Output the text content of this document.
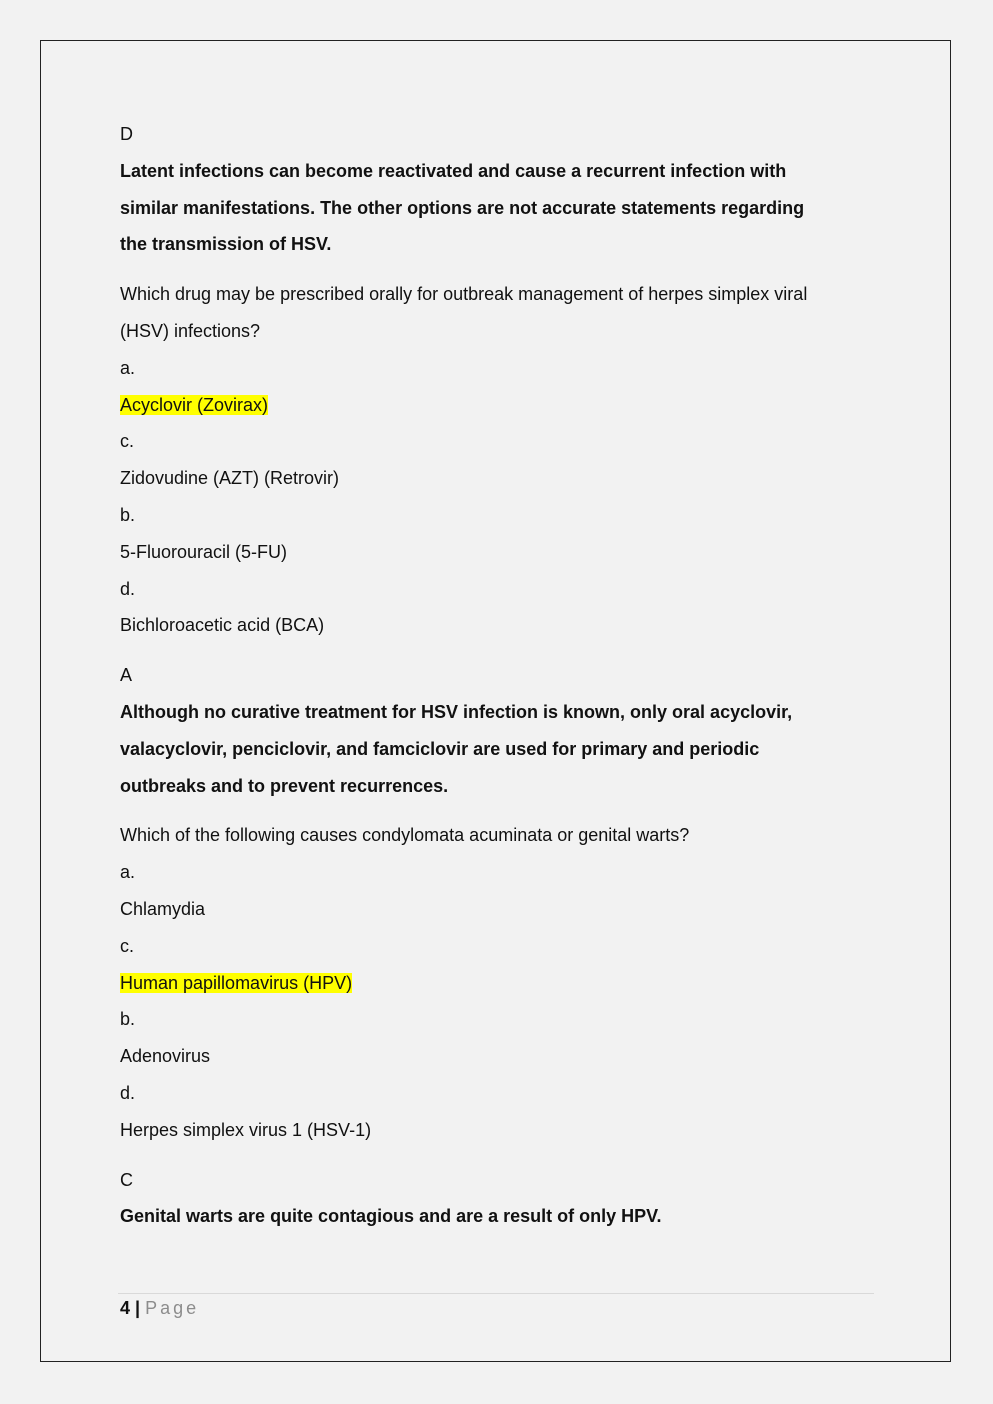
D
Latent infections can become reactivated and cause a recurrent infection with
similar manifestations. The other options are not accurate statements regarding
the transmission of HSV.
Which drug may be prescribed orally for outbreak management of herpes simplex viral
(HSV) infections?
a.
Acyclovir (Zovirax)
c.
Zidovudine (AZT) (Retrovir)
b.
5-Fluorouracil (5-FU)
d.
Bichloroacetic acid (BCA)
A
Although no curative treatment for HSV infection is known, only oral acyclovir,
valacyclovir, penciclovir, and famciclovir are used for primary and periodic
outbreaks and to prevent recurrences.
Which of the following causes condylomata acuminata or genital warts?
a.
Chlamydia
c.
Human papillomavirus (HPV)
b.
Adenovirus
d.
Herpes simplex virus 1 (HSV-1)
C
Genital warts are quite contagious and are a result of only HPV.
4 | Page
